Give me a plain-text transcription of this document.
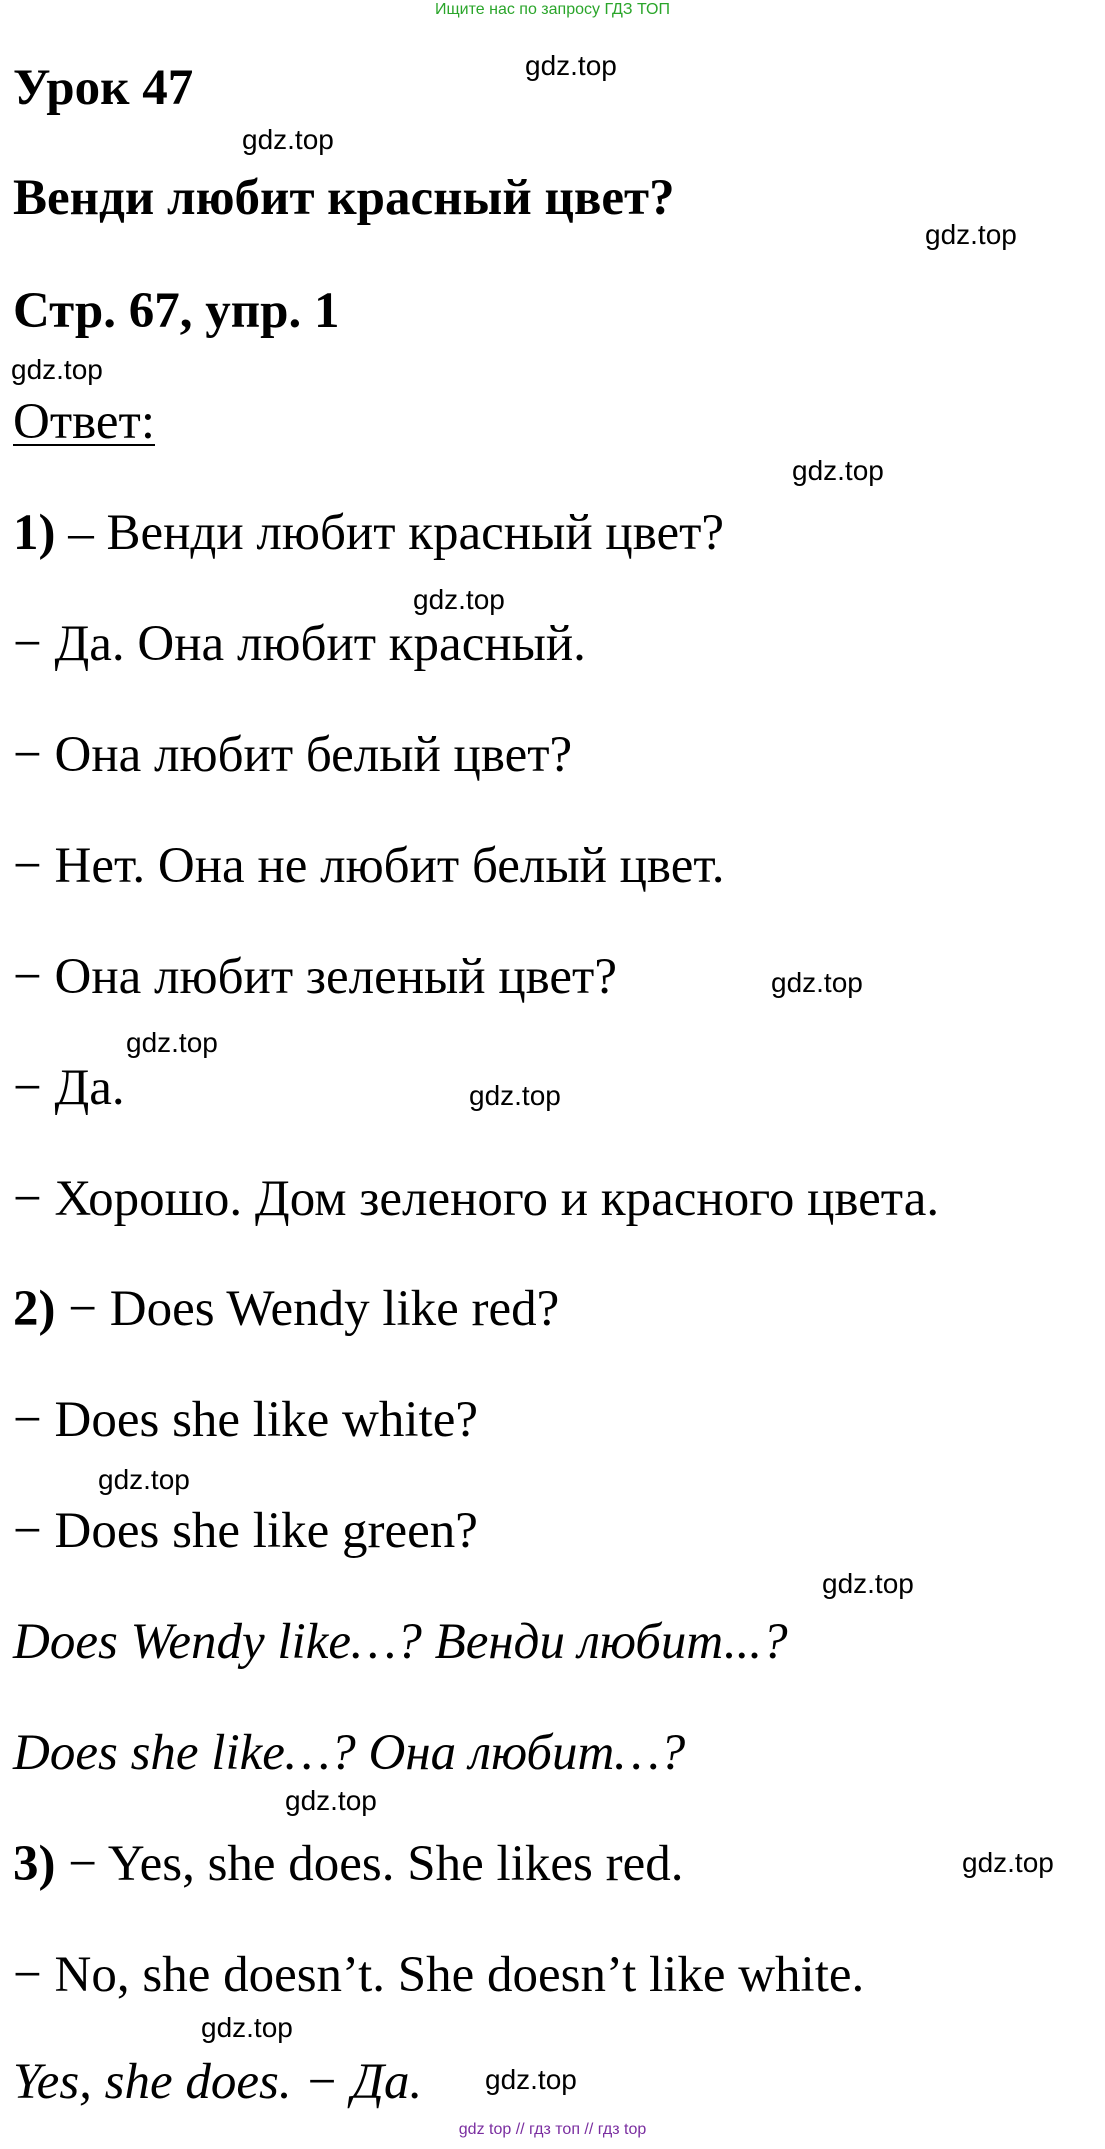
Ищите нас по запросу ГДЗ ТОП
Урок 47
Венди любит красный цвет?
Стр. 67, упр. 1
Ответ:
1) – Венди любит красный цвет?
− Да. Она любит красный.
− Она любит белый цвет?
− Нет. Она не любит белый цвет.
− Она любит зеленый цвет?
− Да.
− Хорошо. Дом зеленого и красного цвета.
2) − Does Wendy like red?
− Does she like white?
− Does she like green?
Does Wendy like…? Венди любит...?
Does she like…? Она любит…?
3) − Yes, she does. She likes red.
− No, she doesn’t. She doesn’t like white.
Yes, she does. − Да.
gdz.top
gdz.top
gdz.top
gdz.top
gdz.top
gdz.top
gdz.top
gdz.top
gdz.top
gdz.top
gdz.top
gdz.top
gdz.top
gdz.top
gdz.top
gdz top // гдз топ // гдз top
